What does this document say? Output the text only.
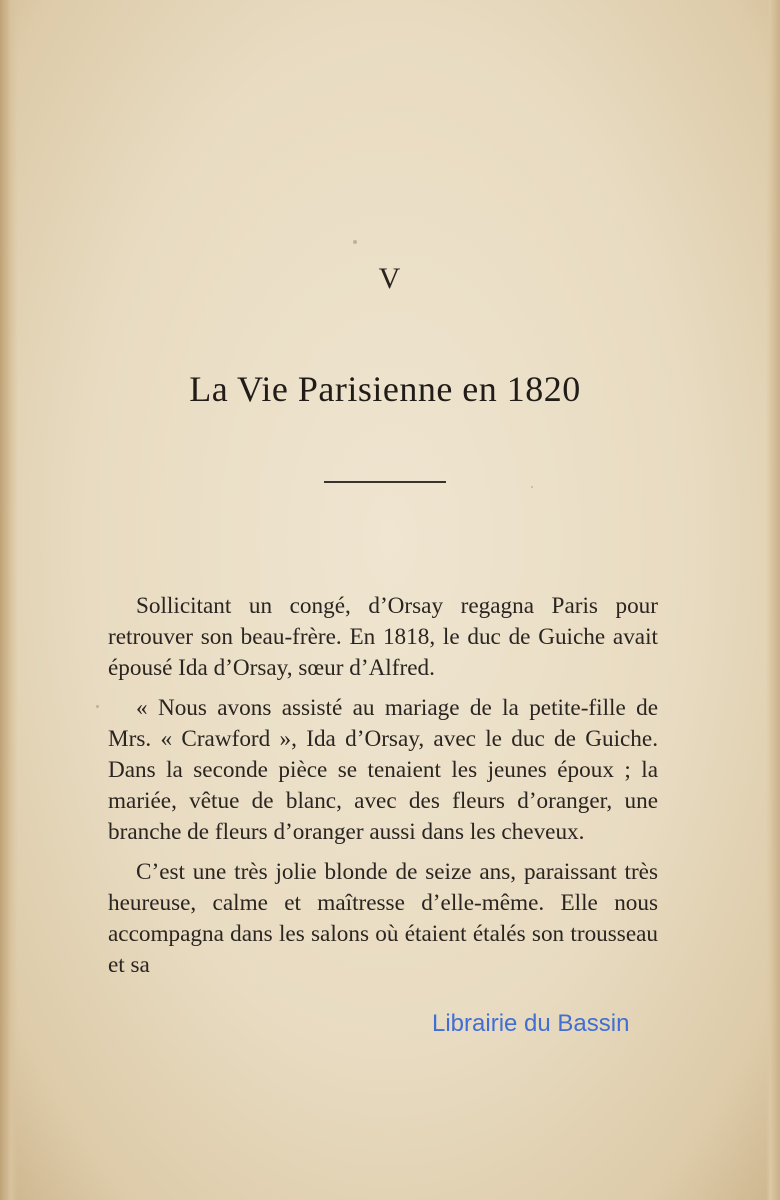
V
La Vie Parisienne en 1820

Sollicitant un congé, d’Orsay regagna Paris pour retrouver son beau-frère. En 1818, le duc de Guiche avait épousé Ida d’Orsay, sœur d’Alfred.

« Nous avons assisté au mariage de la petite-fille de Mrs. « Crawford », Ida d’Orsay, avec le duc de Guiche. Dans la seconde pièce se tenaient les jeunes époux ; la mariée, vêtue de blanc, avec des fleurs d’oranger, une branche de fleurs d’oranger aussi dans les cheveux.

C’est une très jolie blonde de seize ans, paraissant très heureuse, calme et maîtresse d’elle-même. Elle nous accompagna dans les salons où étaient étalés son trousseau et sa

Librairie du Bassin
